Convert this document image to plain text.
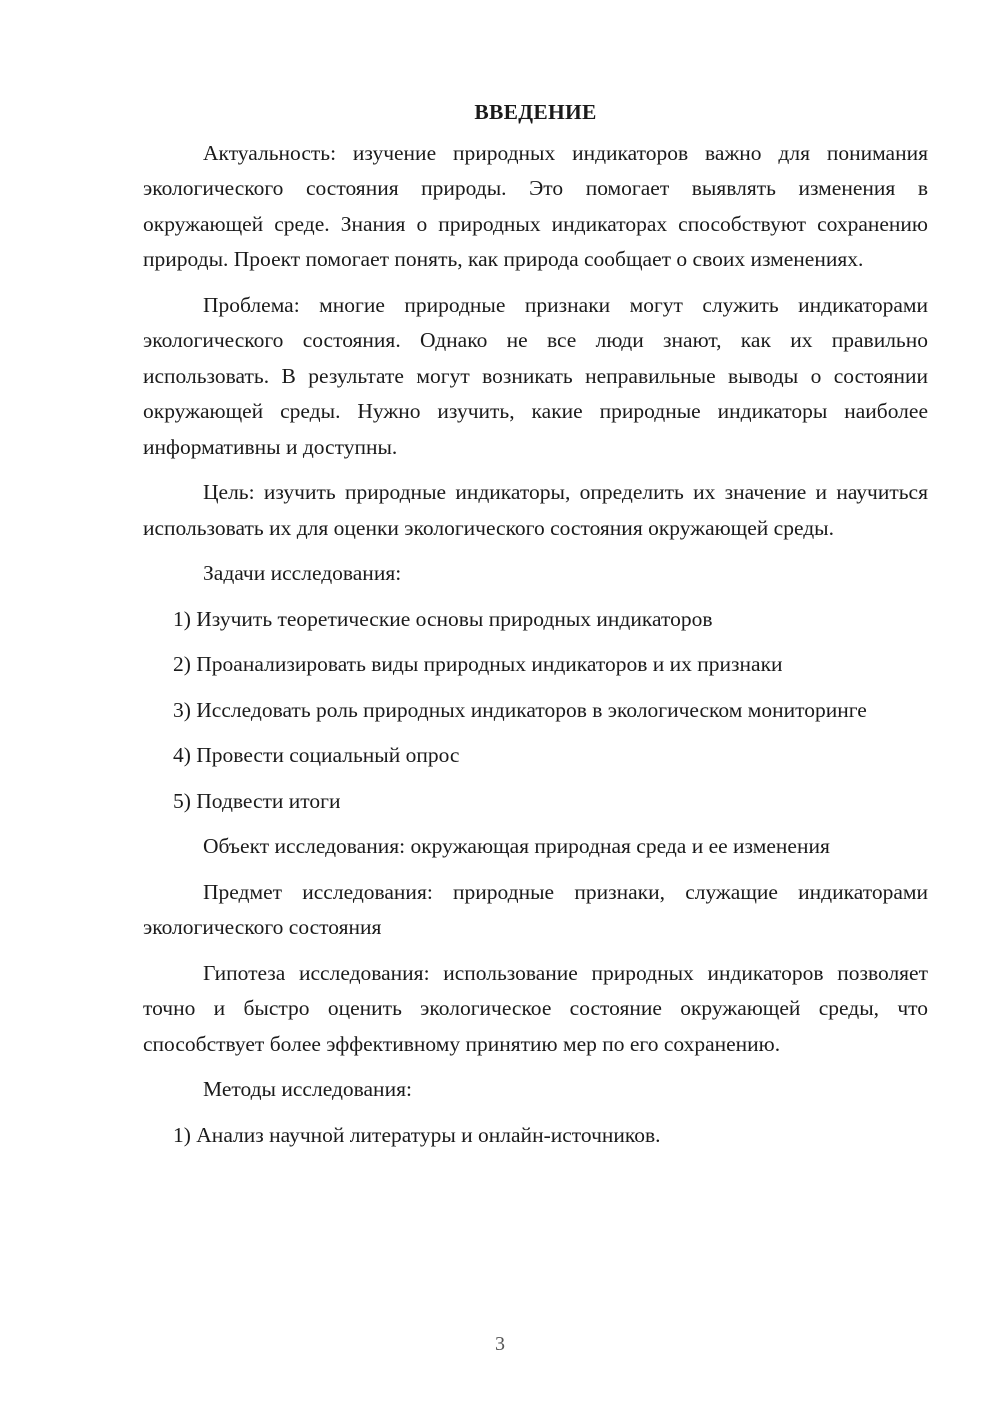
ВВЕДЕНИЕ

Актуальность: изучение природных индикаторов важно для понимания экологического состояния природы. Это помогает выявлять изменения в окружающей среде. Знания о природных индикаторах способствуют сохранению природы. Проект помогает понять, как природа сообщает о своих изменениях.

Проблема: многие природные признаки могут служить индикаторами экологического состояния. Однако не все люди знают, как их правильно использовать. В результате могут возникать неправильные выводы о состоянии окружающей среды. Нужно изучить, какие природные индикаторы наиболее информативны и доступны.

Цель: изучить природные индикаторы, определить их значение и научиться использовать их для оценки экологического состояния окружающей среды.

Задачи исследования:

1) Изучить теоретические основы природных индикаторов

2) Проанализировать виды природных индикаторов и их признаки

3) Исследовать роль природных индикаторов в экологическом мониторинге

4) Провести социальный опрос

5) Подвести итоги

Объект исследования: окружающая природная среда и ее изменения

Предмет исследования: природные признаки, служащие индикаторами экологического состояния

Гипотеза исследования: использование природных индикаторов позволяет точно и быстро оценить экологическое состояние окружающей среды, что способствует более эффективному принятию мер по его сохранению.

Методы исследования:

1) Анализ научной литературы и онлайн-источников.

3
